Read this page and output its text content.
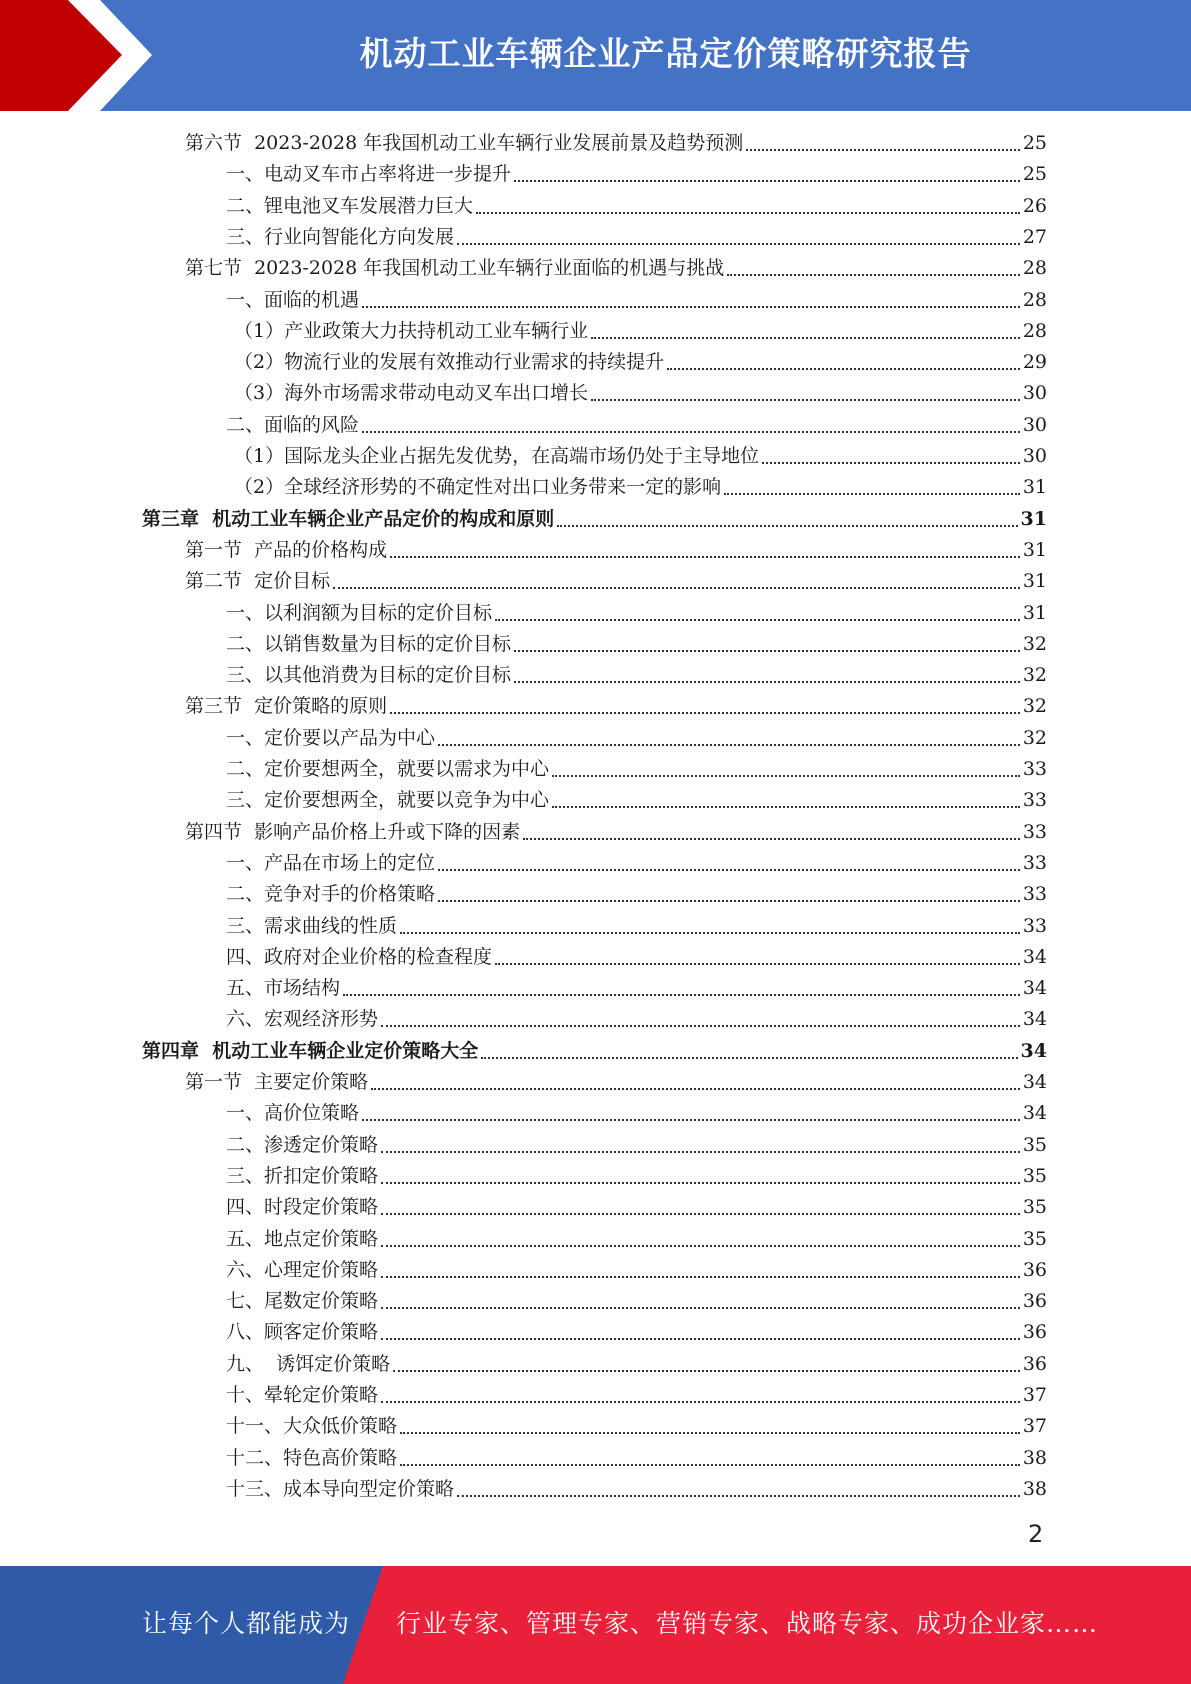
机动工业车辆企业产品定价策略研究报告
第六节  2023-2028 年我国机动工业车辆行业发展前景及趋势预测	25
一、电动叉车市占率将进一步提升	25
二、锂电池叉车发展潜力巨大	26
三、行业向智能化方向发展	27
第七节  2023-2028 年我国机动工业车辆行业面临的机遇与挑战	28
一、面临的机遇	28
（1）产业政策大力扶持机动工业车辆行业	28
（2）物流行业的发展有效推动行业需求的持续提升	29
（3）海外市场需求带动电动叉车出口增长	30
二、面临的风险	30
（1）国际龙头企业占据先发优势，在高端市场仍处于主导地位	30
（2）全球经济形势的不确定性对出口业务带来一定的影响	31
第三章  机动工业车辆企业产品定价的构成和原则	31
第一节  产品的价格构成	31
第二节  定价目标	31
一、以利润额为目标的定价目标	31
二、以销售数量为目标的定价目标	32
三、以其他消费为目标的定价目标	32
第三节  定价策略的原则	32
一、定价要以产品为中心	32
二、定价要想两全，就要以需求为中心	33
三、定价要想两全，就要以竞争为中心	33
第四节  影响产品价格上升或下降的因素	33
一、产品在市场上的定位	33
二、竞争对手的价格策略	33
三、需求曲线的性质	33
四、政府对企业价格的检查程度	34
五、市场结构	34
六、宏观经济形势	34
第四章  机动工业车辆企业定价策略大全	34
第一节  主要定价策略	34
一、高价位策略	34
二、渗透定价策略	35
三、折扣定价策略	35
四、时段定价策略	35
五、地点定价策略	35
六、心理定价策略	36
七、尾数定价策略	36
八、顾客定价策略	36
九、  诱饵定价策略	36
十、晕轮定价策略	37
十一、大众低价策略	37
十二、特色高价策略	38
十三、成本导向型定价策略	38
2
让每个人都能成为 行业专家、管理专家、营销专家、战略专家、成功企业家……
